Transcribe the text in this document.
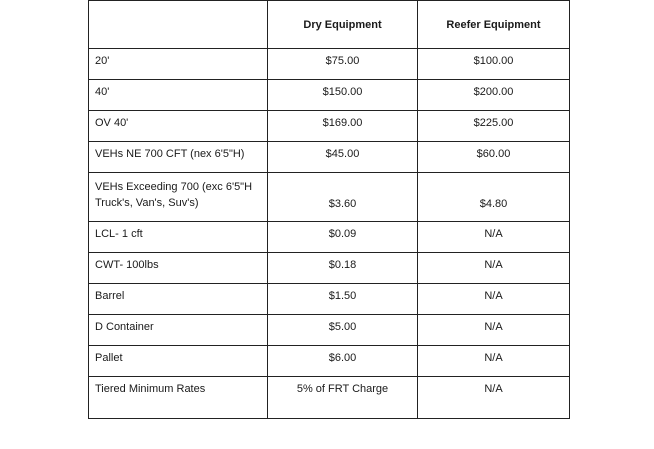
	Dry Equipment	Reefer Equipment
20'	$75.00	$100.00
40'	$150.00	$200.00
OV 40'	$169.00	$225.00
VEHs NE 700 CFT (nex 6'5"H)	$45.00	$60.00
VEHs Exceeding 700 (exc 6'5"H Truck's, Van's, Suv's)	$3.60	$4.80
LCL- 1 cft	$0.09	N/A
CWT- 100lbs	$0.18	N/A
Barrel	$1.50	N/A
D Container	$5.00	N/A
Pallet	$6.00	N/A
Tiered Minimum Rates	5% of FRT Charge	N/A
